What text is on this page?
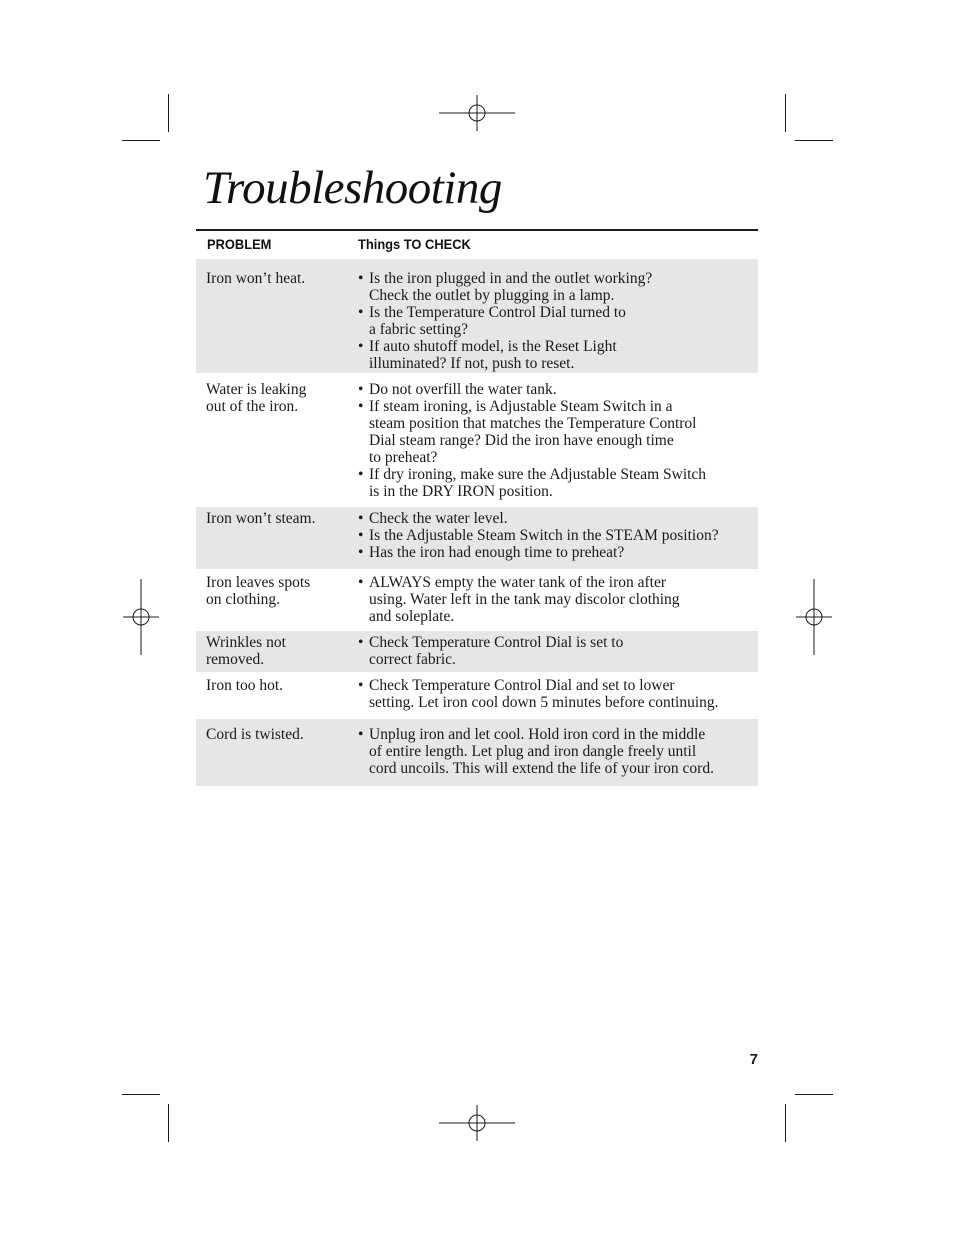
Troubleshooting
PROBLEM	Things TO CHECK
Iron won’t heat.	• Is the iron plugged in and the outlet working?
Check the outlet by plugging in a lamp.
• Is the Temperature Control Dial turned to
a fabric setting?
• If auto shutoff model, is the Reset Light
illuminated? If not, push to reset.
Water is leaking
out of the iron.
• Do not overfill the water tank.
• If steam ironing, is Adjustable Steam Switch in a
steam position that matches the Temperature Control
Dial steam range? Did the iron have enough time
to preheat?
• If dry ironing, make sure the Adjustable Steam Switch
is in the DRY IRON position.
Iron won’t steam.	• Check the water level.
• Is the Adjustable Steam Switch in the STEAM position?
• Has the iron had enough time to preheat?
Iron leaves spots
on clothing.
• ALWAYS empty the water tank of the iron after
using. Water left in the tank may discolor clothing
and soleplate.
Wrinkles not
removed.
• Check Temperature Control Dial is set to
correct fabric.
Iron too hot.	• Check Temperature Control Dial and set to lower
setting. Let iron cool down 5 minutes before continuing.
Cord is twisted.	• Unplug iron and let cool. Hold iron cord in the middle
of entire length. Let plug and iron dangle freely until
cord uncoils. This will extend the life of your iron cord.
7
